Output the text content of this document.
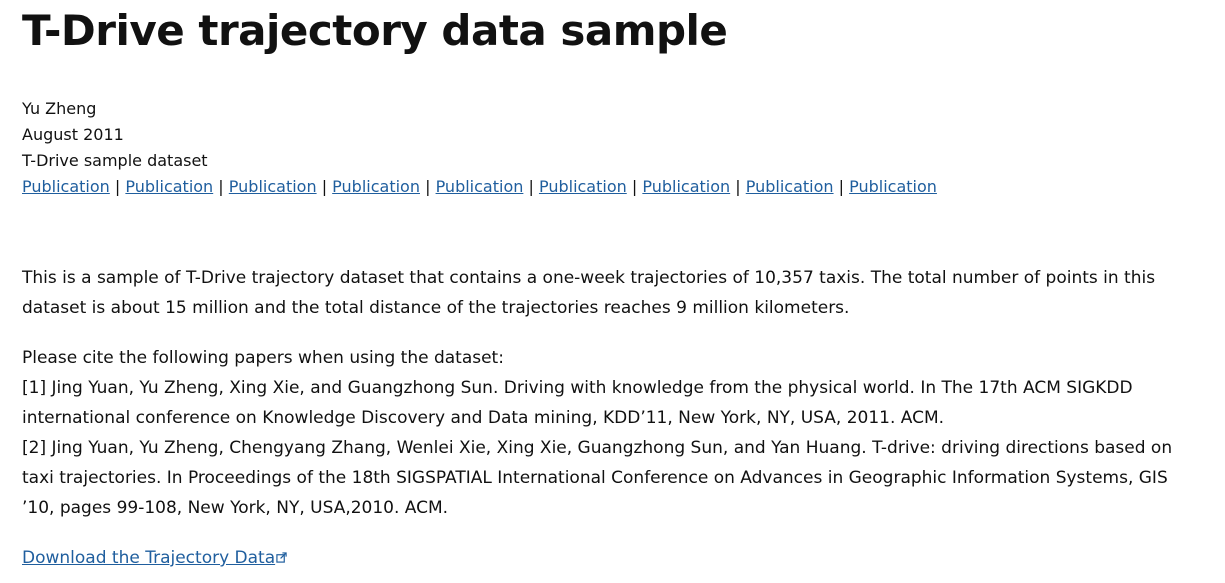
T-Drive trajectory data sample
Yu Zheng
August 2011
T-Drive sample dataset
Publication | Publication | Publication | Publication | Publication | Publication | Publication | Publication | Publication

This is a sample of T-Drive trajectory dataset that contains a one-week trajectories of 10,357 taxis. The total number of points in this
dataset is about 15 million and the total distance of the trajectories reaches 9 million kilometers.

Please cite the following papers when using the dataset:
[1] Jing Yuan, Yu Zheng, Xing Xie, and Guangzhong Sun. Driving with knowledge from the physical world. In The 17th ACM SIGKDD
international conference on Knowledge Discovery and Data mining, KDD’11, New York, NY, USA, 2011. ACM.
[2] Jing Yuan, Yu Zheng, Chengyang Zhang, Wenlei Xie, Xing Xie, Guangzhong Sun, and Yan Huang. T-drive: driving directions based on
taxi trajectories. In Proceedings of the 18th SIGSPATIAL International Conference on Advances in Geographic Information Systems, GIS
’10, pages 99-108, New York, NY, USA,2010. ACM.

Download the Trajectory Data
